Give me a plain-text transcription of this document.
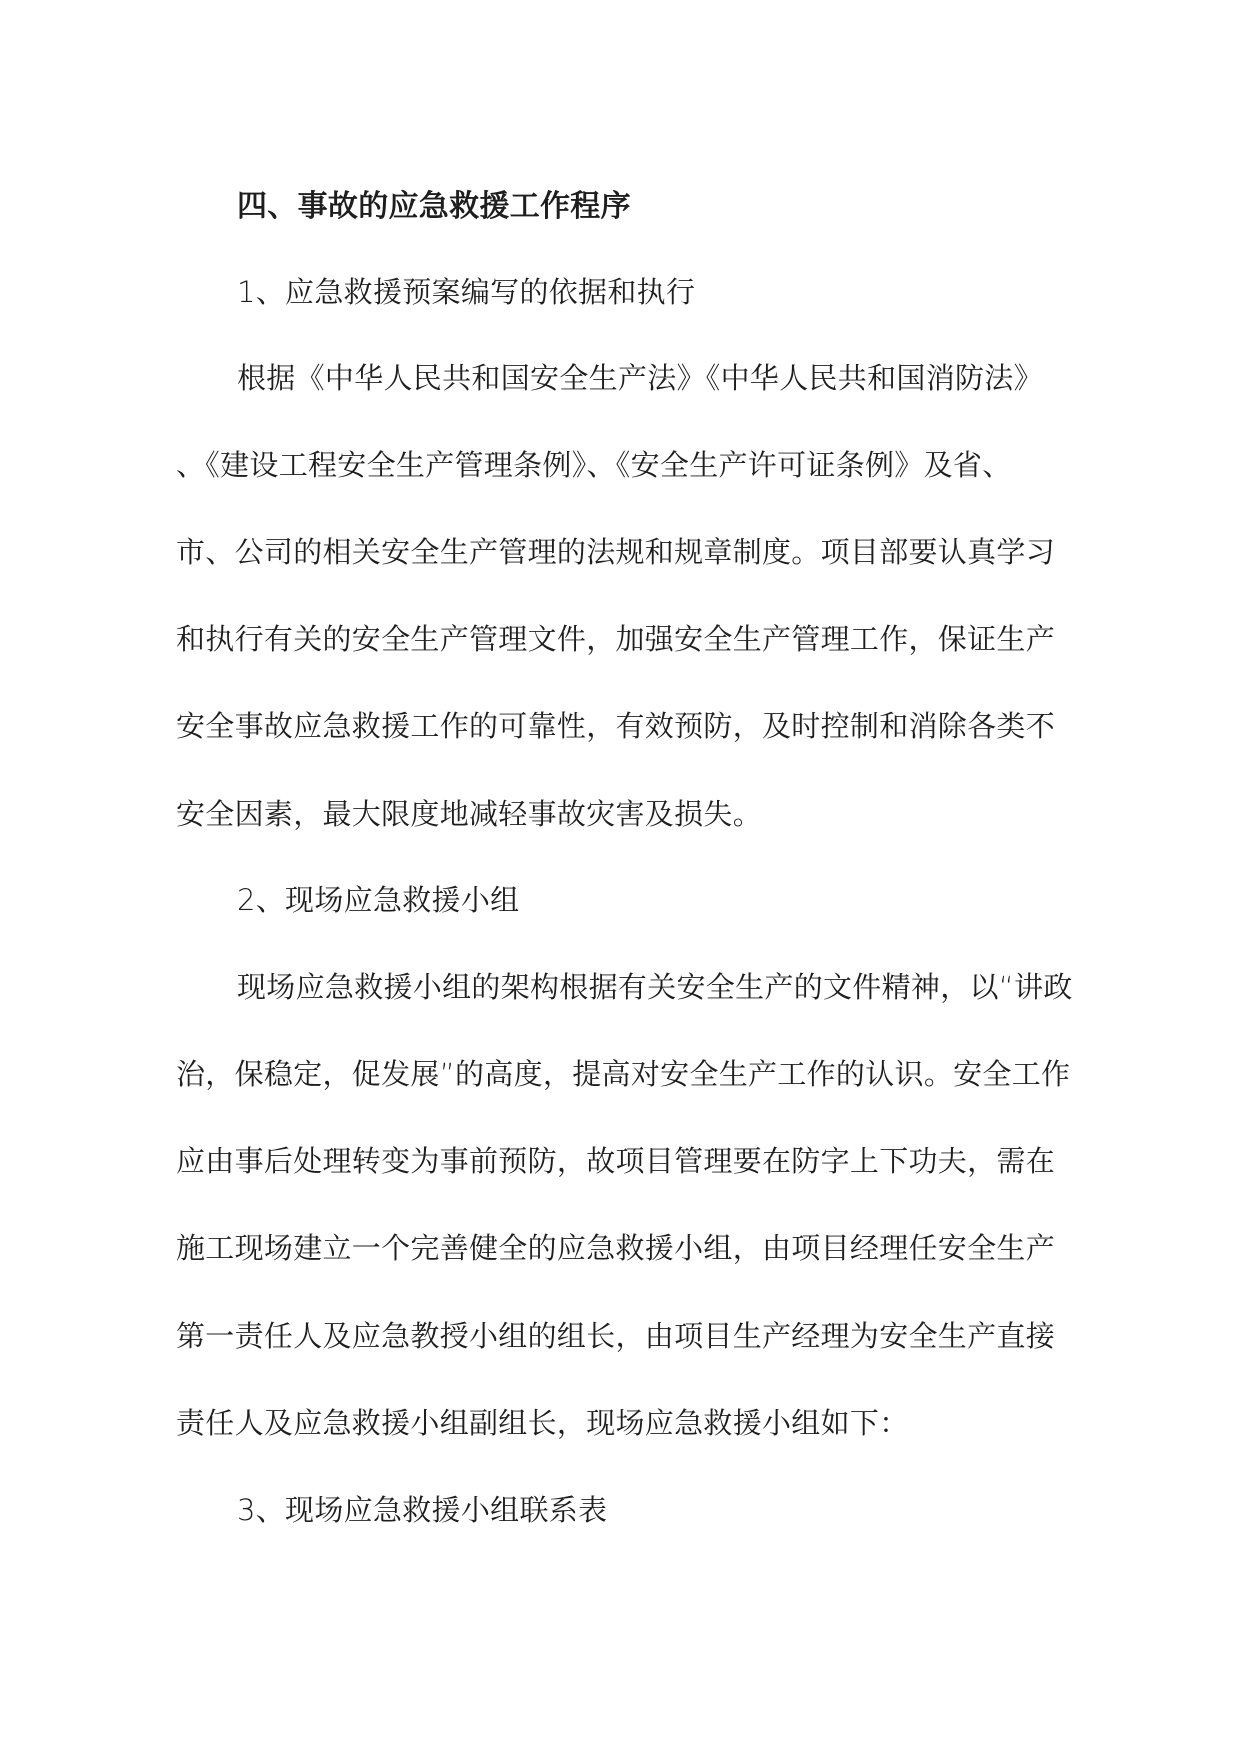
四、事故的应急救援工作程序
1、应急救援预案编写的依据和执行
根据《中华人民共和国安全生产法》《中华人民共和国消防法》
、《建设工程安全生产管理条例》、《安全生产许可证条例》及省、
市、公司的相关安全生产管理的法规和规章制度。项目部要认真学习
和执行有关的安全生产管理文件，加强安全生产管理工作，保证生产
安全事故应急救援工作的可靠性，有效预防，及时控制和消除各类不
安全因素，最大限度地减轻事故灾害及损失。
2、现场应急救援小组
现场应急救援小组的架构根据有关安全生产的文件精神，以“讲政
治，保稳定，促发展”的高度，提高对安全生产工作的认识。安全工作
应由事后处理转变为事前预防，故项目管理要在防字上下功夫，需在
施工现场建立一个完善健全的应急救援小组，由项目经理任安全生产
第一责任人及应急教授小组的组长，由项目生产经理为安全生产直接
责任人及应急救援小组副组长，现场应急救援小组如下：
3、现场应急救援小组联系表
